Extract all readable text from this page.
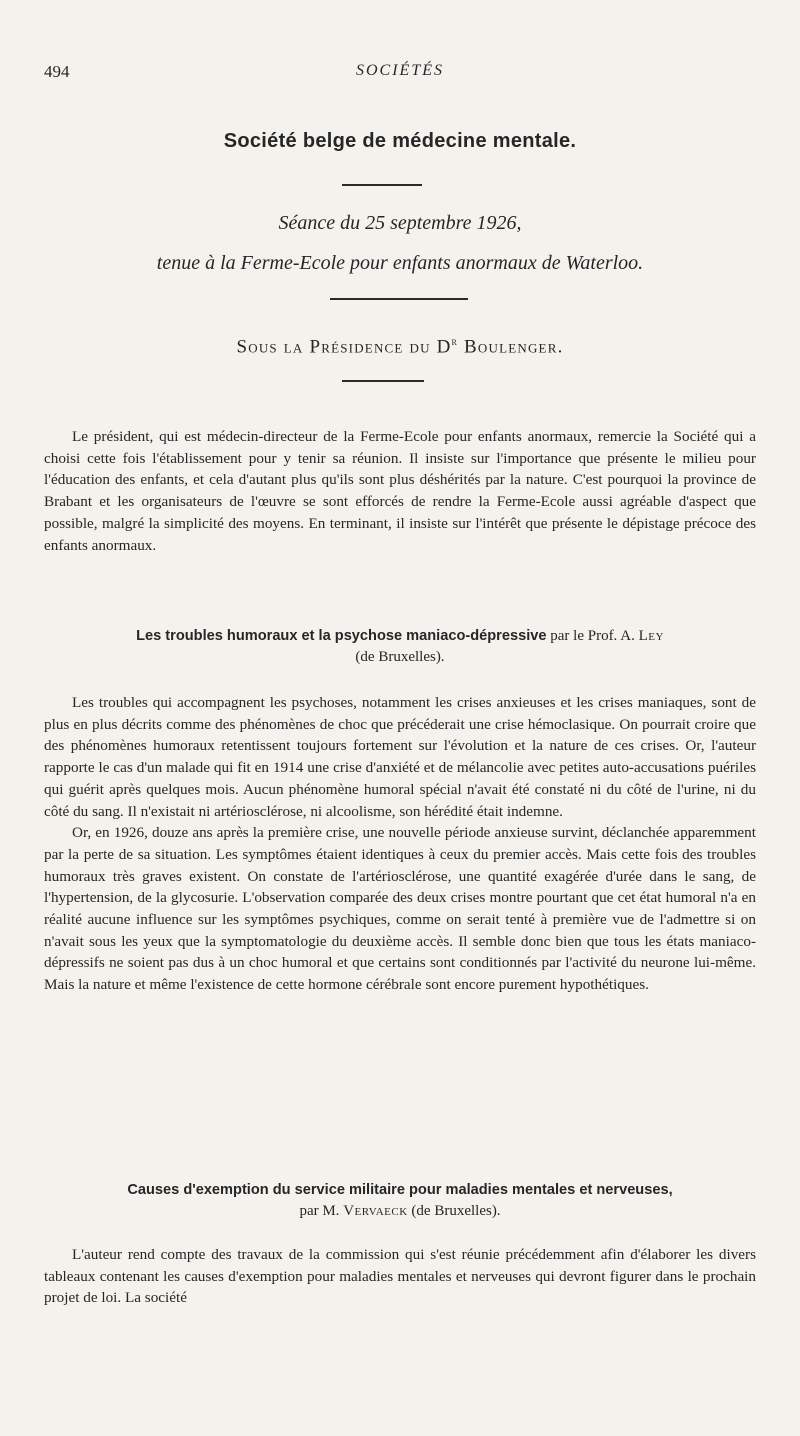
494	SOCIÉTÉS
Société belge de médecine mentale.
Séance du 25 septembre 1926,
tenue à la Ferme-Ecole pour enfants anormaux de Waterloo.
Sous la Présidence du $D^r$ Boulenger.

Le président, qui est médecin-directeur de la Ferme-Ecole pour enfants anormaux, remercie la Société qui a choisi cette fois l'établissement pour y tenir sa réunion. Il insiste sur l'importance que présente le milieu pour l'éducation des enfants, et cela d'autant plus qu'ils sont plus déshérités par la nature. C'est pourquoi la province de Brabant et les organisateurs de l'œuvre se sont efforcés de rendre la Ferme-Ecole aussi agréable d'aspect que possible, malgré la simplicité des moyens. En terminant, il insiste sur l'intérêt que présente le dépistage précoce des enfants anormaux.

Les troubles humoraux et la psychose maniaco-dépressive par le Prof. A. Ley
(de Bruxelles).

Les troubles qui accompagnent les psychoses, notamment les crises anxieuses et les crises maniaques, sont de plus en plus décrits comme des phénomènes de choc que précéderait une crise hémoclasique. On pourrait croire que des phénomènes humoraux retentissent toujours fortement sur l'évolution et la nature de ces crises. Or, l'auteur rapporte le cas d'un malade qui fit en 1914 une crise d'anxiété et de mélancolie avec petites auto-accusations puériles qui guérit après quelques mois. Aucun phénomène humoral spécial n'avait été constaté ni du côté de l'urine, ni du côté du sang. Il n'existait ni artériosclérose, ni alcoolisme, son hérédité était indemne.

Or, en 1926, douze ans après la première crise, une nouvelle période anxieuse survint, déclanchée apparemment par la perte de sa situation. Les symptômes étaient identiques à ceux du premier accès. Mais cette fois des troubles humoraux très graves existent. On constate de l'artériosclérose, une quantité exagérée d'urée dans le sang, de l'hypertension, de la glycosurie. L'observation comparée des deux crises montre pourtant que cet état humoral n'a en réalité aucune influence sur les symptômes psychiques, comme on serait tenté à première vue de l'admettre si on n'avait sous les yeux que la symptomatologie du deuxième accès. Il semble donc bien que tous les états maniaco-dépressifs ne soient pas dus à un choc humoral et que certains sont conditionnés par l'activité du neurone lui-même. Mais la nature et même l'existence de cette hormone cérébrale sont encore purement hypothétiques.

Causes d'exemption du service militaire pour maladies mentales et nerveuses,
par M. Vervaeck (de Bruxelles).

L'auteur rend compte des travaux de la commission qui s'est réunie précédemment afin d'élaborer les divers tableaux contenant les causes d'exemption pour maladies mentales et nerveuses qui devront figurer dans le prochain projet de loi. La société
